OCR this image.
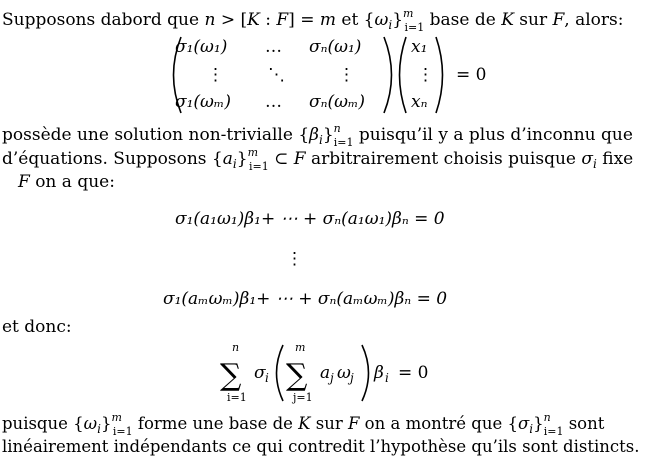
Supposons dabord que n > [K : F] = m et $\{\omega_i\}^m$ i=1 base de K sur F, alors:
σ₁(ω₁) … σₙ(ω₁)
⋮	⋱	⋮
σ₁(ωₘ) … σₙ(ωₘ)
x₁
⋮
xₙ
= 0
possède une solution non-trivialle $\{\beta_i\}^n$ i=1 puisqu’il y a plus d’inconnu que
d’équations. Supposons $\{a_i\}^m$ i=1 ⊂ F arbitrairement choisis puisque $\sigma_i$ fixe
F on a que:
σ₁(a₁ω₁)β₁+ ⋯ + σₙ(a₁ω₁)βₙ = 0
⋮
σ₁(aₘωₘ)β₁+ ⋯ + σₙ(aₘωₘ)βₙ = 0
et donc:
n
∑
i=1
σ i
m
∑
j=1
a j ω j β i = 0
puisque $\{\omega_i\}^m$ i=1 forme une base de K sur F on a montré que $\{\sigma_i\}^n$ i=1 sont
linéairement indépendants ce qui contredit l’hypothèse qu’ils sont distincts.
